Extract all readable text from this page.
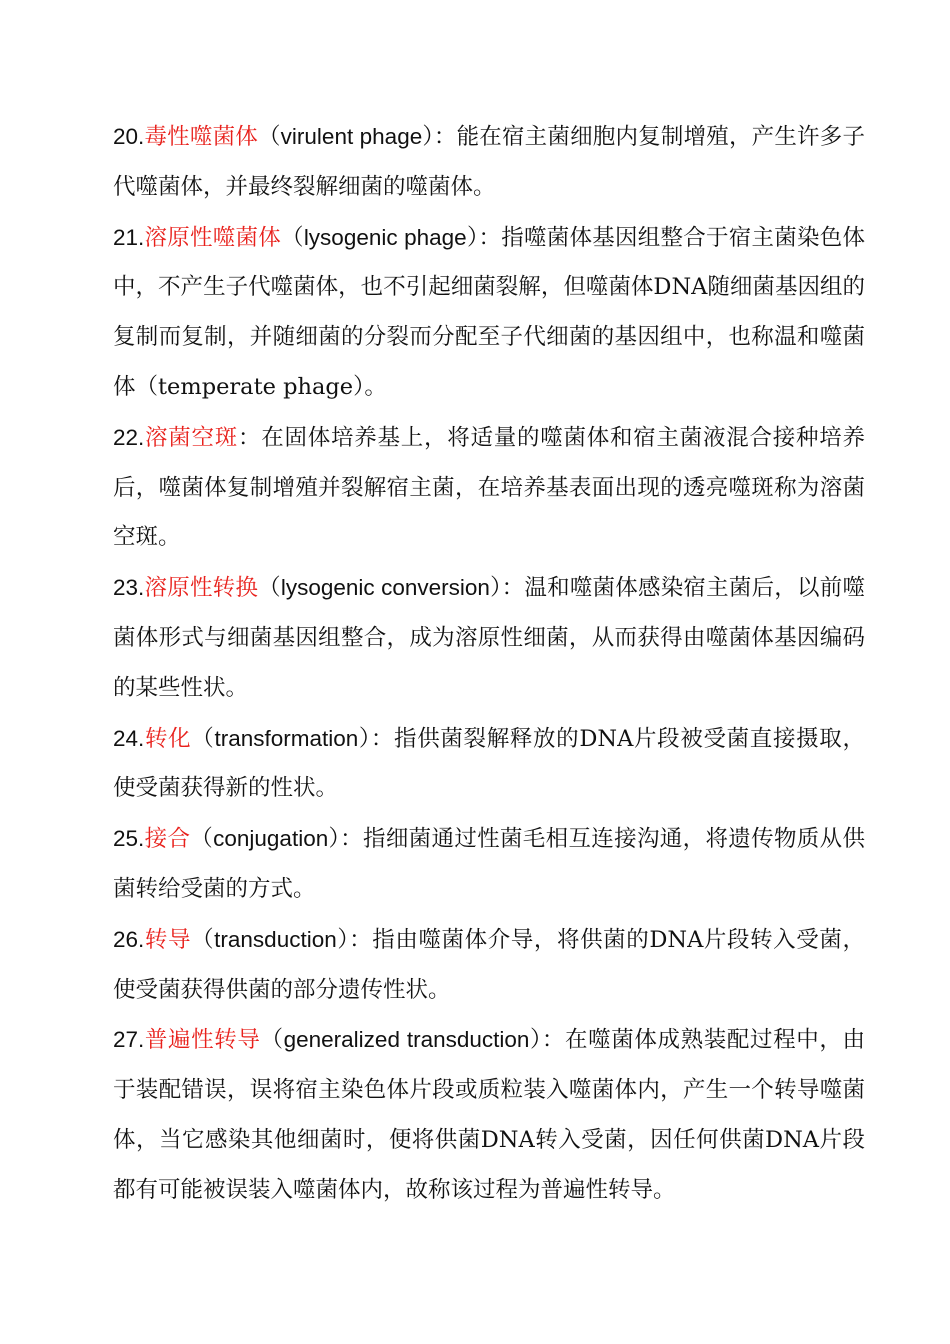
20.毒性噬菌体（virulent phage）：能在宿主菌细胞内复制增殖，产生许多子代噬菌体，并最终裂解细菌的噬菌体。

21.溶原性噬菌体（lysogenic phage）：指噬菌体基因组整合于宿主菌染色体中，不产生子代噬菌体，也不引起细菌裂解，但噬菌体DNA随细菌基因组的复制而复制，并随细菌的分裂而分配至子代细菌的基因组中，也称温和噬菌体（temperate phage）。

22.溶菌空斑：在固体培养基上，将适量的噬菌体和宿主菌液混合接种培养后，噬菌体复制增殖并裂解宿主菌，在培养基表面出现的透亮噬斑称为溶菌空斑。

23.溶原性转换（lysogenic conversion）：温和噬菌体感染宿主菌后，以前噬菌体形式与细菌基因组整合，成为溶原性细菌，从而获得由噬菌体基因编码的某些性状。

24.转化（transformation）：指供菌裂解释放的DNA片段被受菌直接摄取，使受菌获得新的性状。

25.接合（conjugation）：指细菌通过性菌毛相互连接沟通，将遗传物质从供菌转给受菌的方式。

26.转导（transduction）：指由噬菌体介导，将供菌的DNA片段转入受菌，使受菌获得供菌的部分遗传性状。

27.普遍性转导（generalized transduction）：在噬菌体成熟装配过程中，由于装配错误，误将宿主染色体片段或质粒装入噬菌体内，产生一个转导噬菌体，当它感染其他细菌时，便将供菌DNA转入受菌，因任何供菌DNA片段都有可能被误装入噬菌体内，故称该过程为普遍性转导。
